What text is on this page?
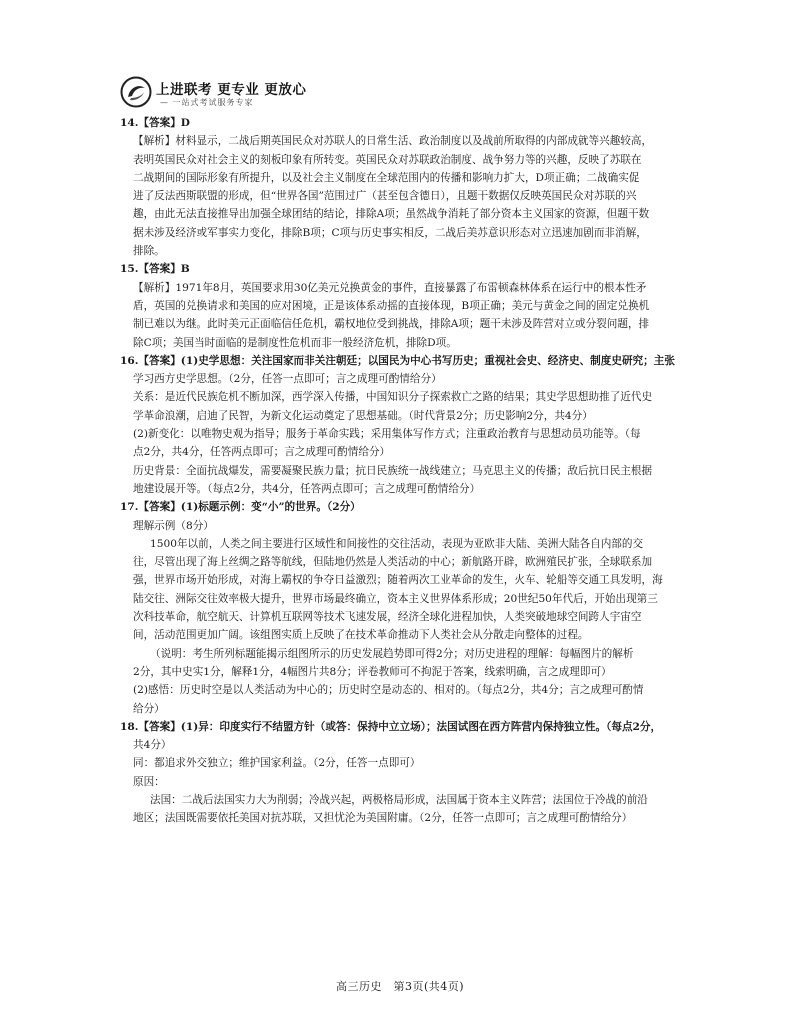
上进联考 更专业 更放心
— 一站式考试服务专家
14.【答案】D
【解析】材料显示，二战后期英国民众对苏联人的日常生活、政治制度以及战前所取得的内部成就等兴趣较高，
表明英国民众对社会主义的刻板印象有所转变。英国民众对苏联政治制度、战争努力等的兴趣，反映了苏联在
二战期间的国际形象有所提升，以及社会主义制度在全球范围内的传播和影响力扩大，D项正确；二战确实促
进了反法西斯联盟的形成，但“世界各国”范围过广（甚至包含德日），且题干数据仅反映英国民众对苏联的兴
趣，由此无法直接推导出加强全球团结的结论，排除A项；虽然战争消耗了部分资本主义国家的资源，但题干数
据未涉及经济或军事实力变化，排除B项；C项与历史事实相反，二战后美苏意识形态对立迅速加剧而非消解，
排除。
15.【答案】B
【解析】1971年8月，英国要求用30亿美元兑换黄金的事件，直接暴露了布雷顿森林体系在运行中的根本性矛
盾，英国的兑换请求和美国的应对困境，正是该体系动摇的直接体现，B项正确；美元与黄金之间的固定兑换机
制已难以为继。此时美元正面临信任危机，霸权地位受到挑战，排除A项；题干未涉及阵营对立或分裂问题，排
除C项；美国当时面临的是制度性危机而非一般经济危机，排除D项。
16.【答案】(1)史学思想：关注国家而非关注朝廷；以国民为中心书写历史；重视社会史、经济史、制度史研究；主张
学习西方史学思想。（2分，任答一点即可；言之成理可酌情给分）
关系：是近代民族危机不断加深，西学深入传播，中国知识分子探索救亡之路的结果；其史学思想助推了近代史
学革命浪潮，启迪了民智，为新文化运动奠定了思想基础。（时代背景2分；历史影响2分，共4分）
(2)新变化：以唯物史观为指导；服务于革命实践；采用集体写作方式；注重政治教育与思想动员功能等。（每
点2分，共4分，任答两点即可；言之成理可酌情给分）
历史背景：全面抗战爆发，需要凝聚民族力量；抗日民族统一战线建立；马克思主义的传播；敌后抗日民主根据
地建设展开等。（每点2分，共4分，任答两点即可；言之成理可酌情给分）
17.【答案】(1)标题示例：变“小”的世界。（2分）
理解示例（8分）
1500年以前，人类之间主要进行区域性和间接性的交往活动，表现为亚欧非大陆、美洲大陆各自内部的交
往，尽管出现了海上丝绸之路等航线，但陆地仍然是人类活动的中心；新航路开辟，欧洲殖民扩张，全球联系加
强，世界市场开始形成，对海上霸权的争夺日益激烈；随着两次工业革命的发生，火车、轮船等交通工具发明，海
陆交往、洲际交往效率极大提升，世界市场最终确立，资本主义世界体系形成；20世纪50年代后，开始出现第三
次科技革命，航空航天、计算机互联网等技术飞速发展，经济全球化进程加快，人类突破地球空间跨人宇宙空
间，活动范围更加广阔。该组图实质上反映了在技术革命推动下人类社会从分散走向整体的过程。
（说明：考生所列标题能揭示组图所示的历史发展趋势即可得2分；对历史进程的理解：每幅图片的解析
2分，其中史实1分，解释1分，4幅图片共8分；评卷教师可不拘泥于答案，线索明确，言之成理即可）
(2)感悟：历史时空是以人类活动为中心的；历史时空是动态的、相对的。（每点2分，共4分；言之成理可酌情
给分）
18.【答案】(1)异：印度实行不结盟方针（或答：保持中立立场）；法国试图在西方阵营内保持独立性。（每点2分，
共4分）
同：都追求外交独立；维护国家利益。（2分，任答一点即可）
原因：
法国：二战后法国实力大为削弱；冷战兴起，两极格局形成，法国属于资本主义阵营；法国位于冷战的前沿
地区；法国既需要依托美国对抗苏联，又担忧沦为美国附庸。（2分，任答一点即可；言之成理可酌情给分）
高三历史　第3页(共4页)
